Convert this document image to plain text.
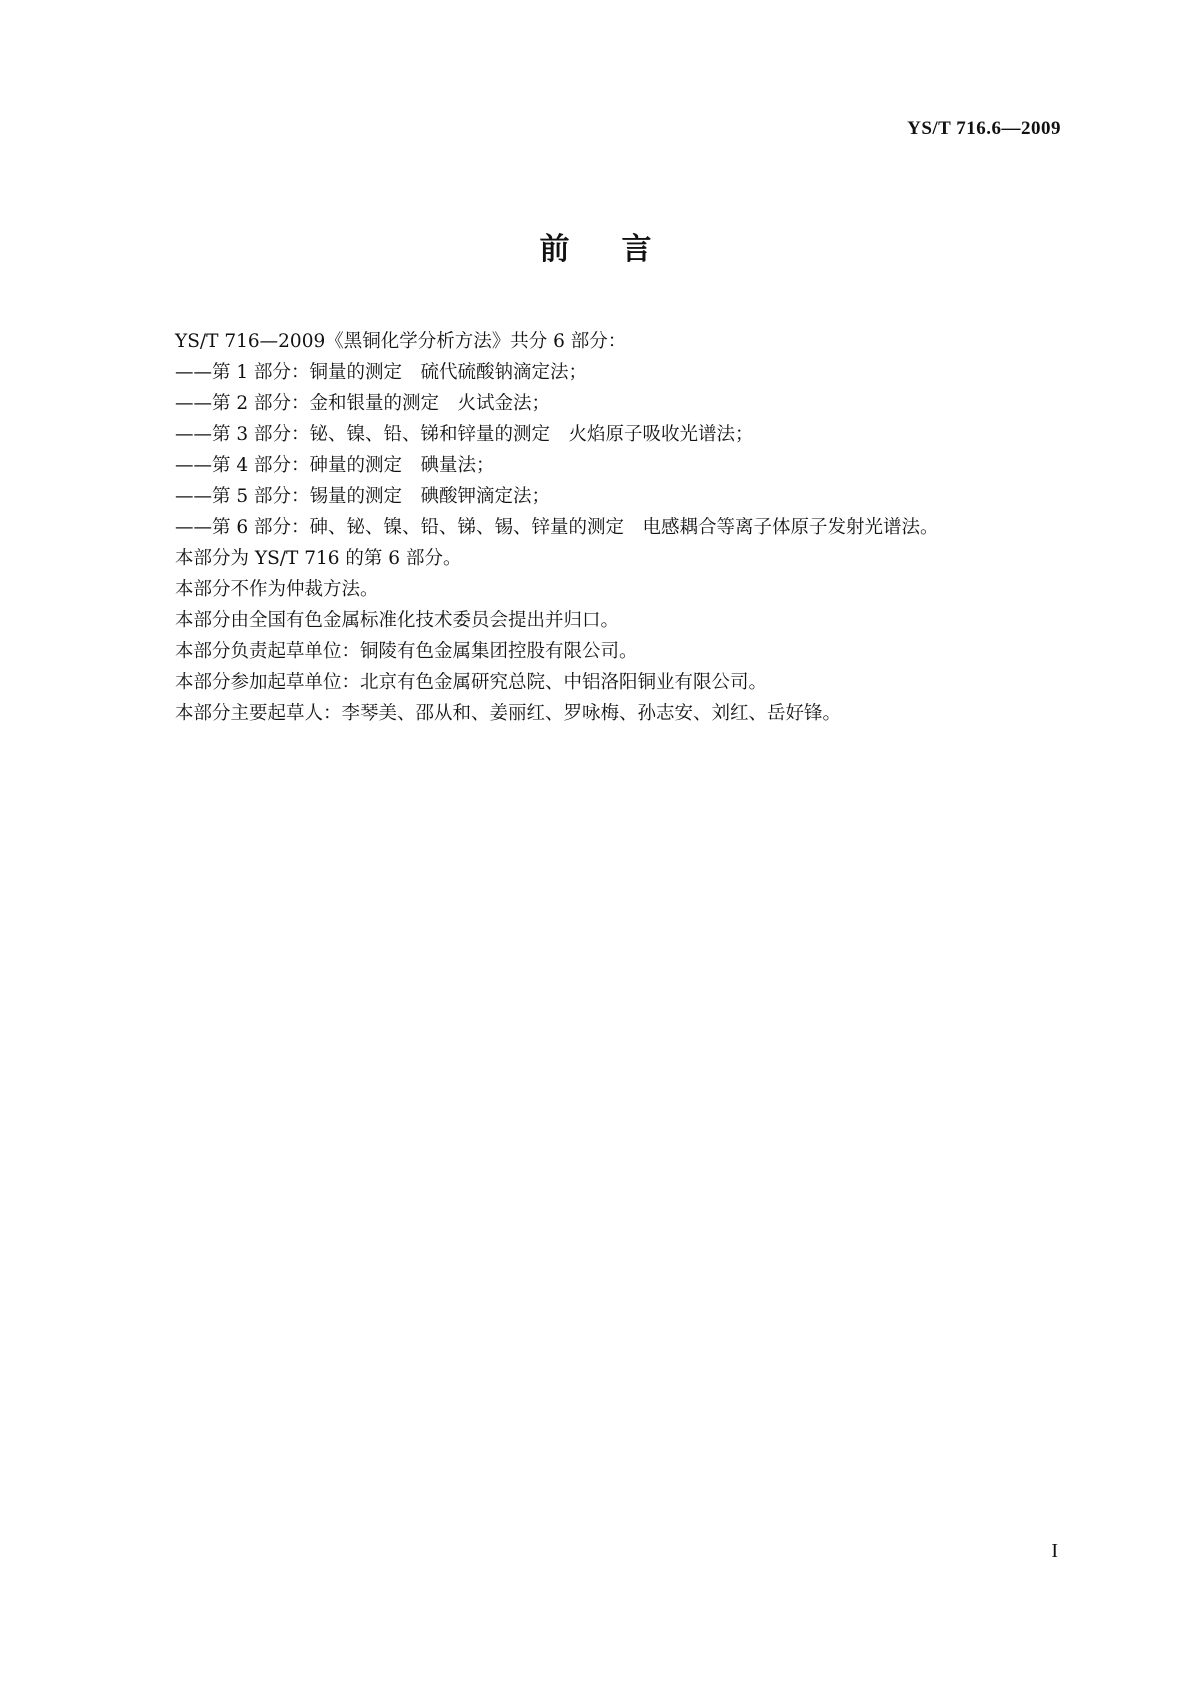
YS/T 716.6—2009
前言
YS/T 716—2009《黑铜化学分析方法》共分 6 部分：
——第 1 部分：铜量的测定　硫代硫酸钠滴定法；
——第 2 部分：金和银量的测定　火试金法；
——第 3 部分：铋、镍、铅、锑和锌量的测定　火焰原子吸收光谱法；
——第 4 部分：砷量的测定　碘量法；
——第 5 部分：锡量的测定　碘酸钾滴定法；
——第 6 部分：砷、铋、镍、铅、锑、锡、锌量的测定　电感耦合等离子体原子发射光谱法。
本部分为 YS/T 716 的第 6 部分。
本部分不作为仲裁方法。
本部分由全国有色金属标准化技术委员会提出并归口。
本部分负责起草单位：铜陵有色金属集团控股有限公司。
本部分参加起草单位：北京有色金属研究总院、中铝洛阳铜业有限公司。
本部分主要起草人：李琴美、邵从和、姜丽红、罗咏梅、孙志安、刘红、岳好锋。
I
